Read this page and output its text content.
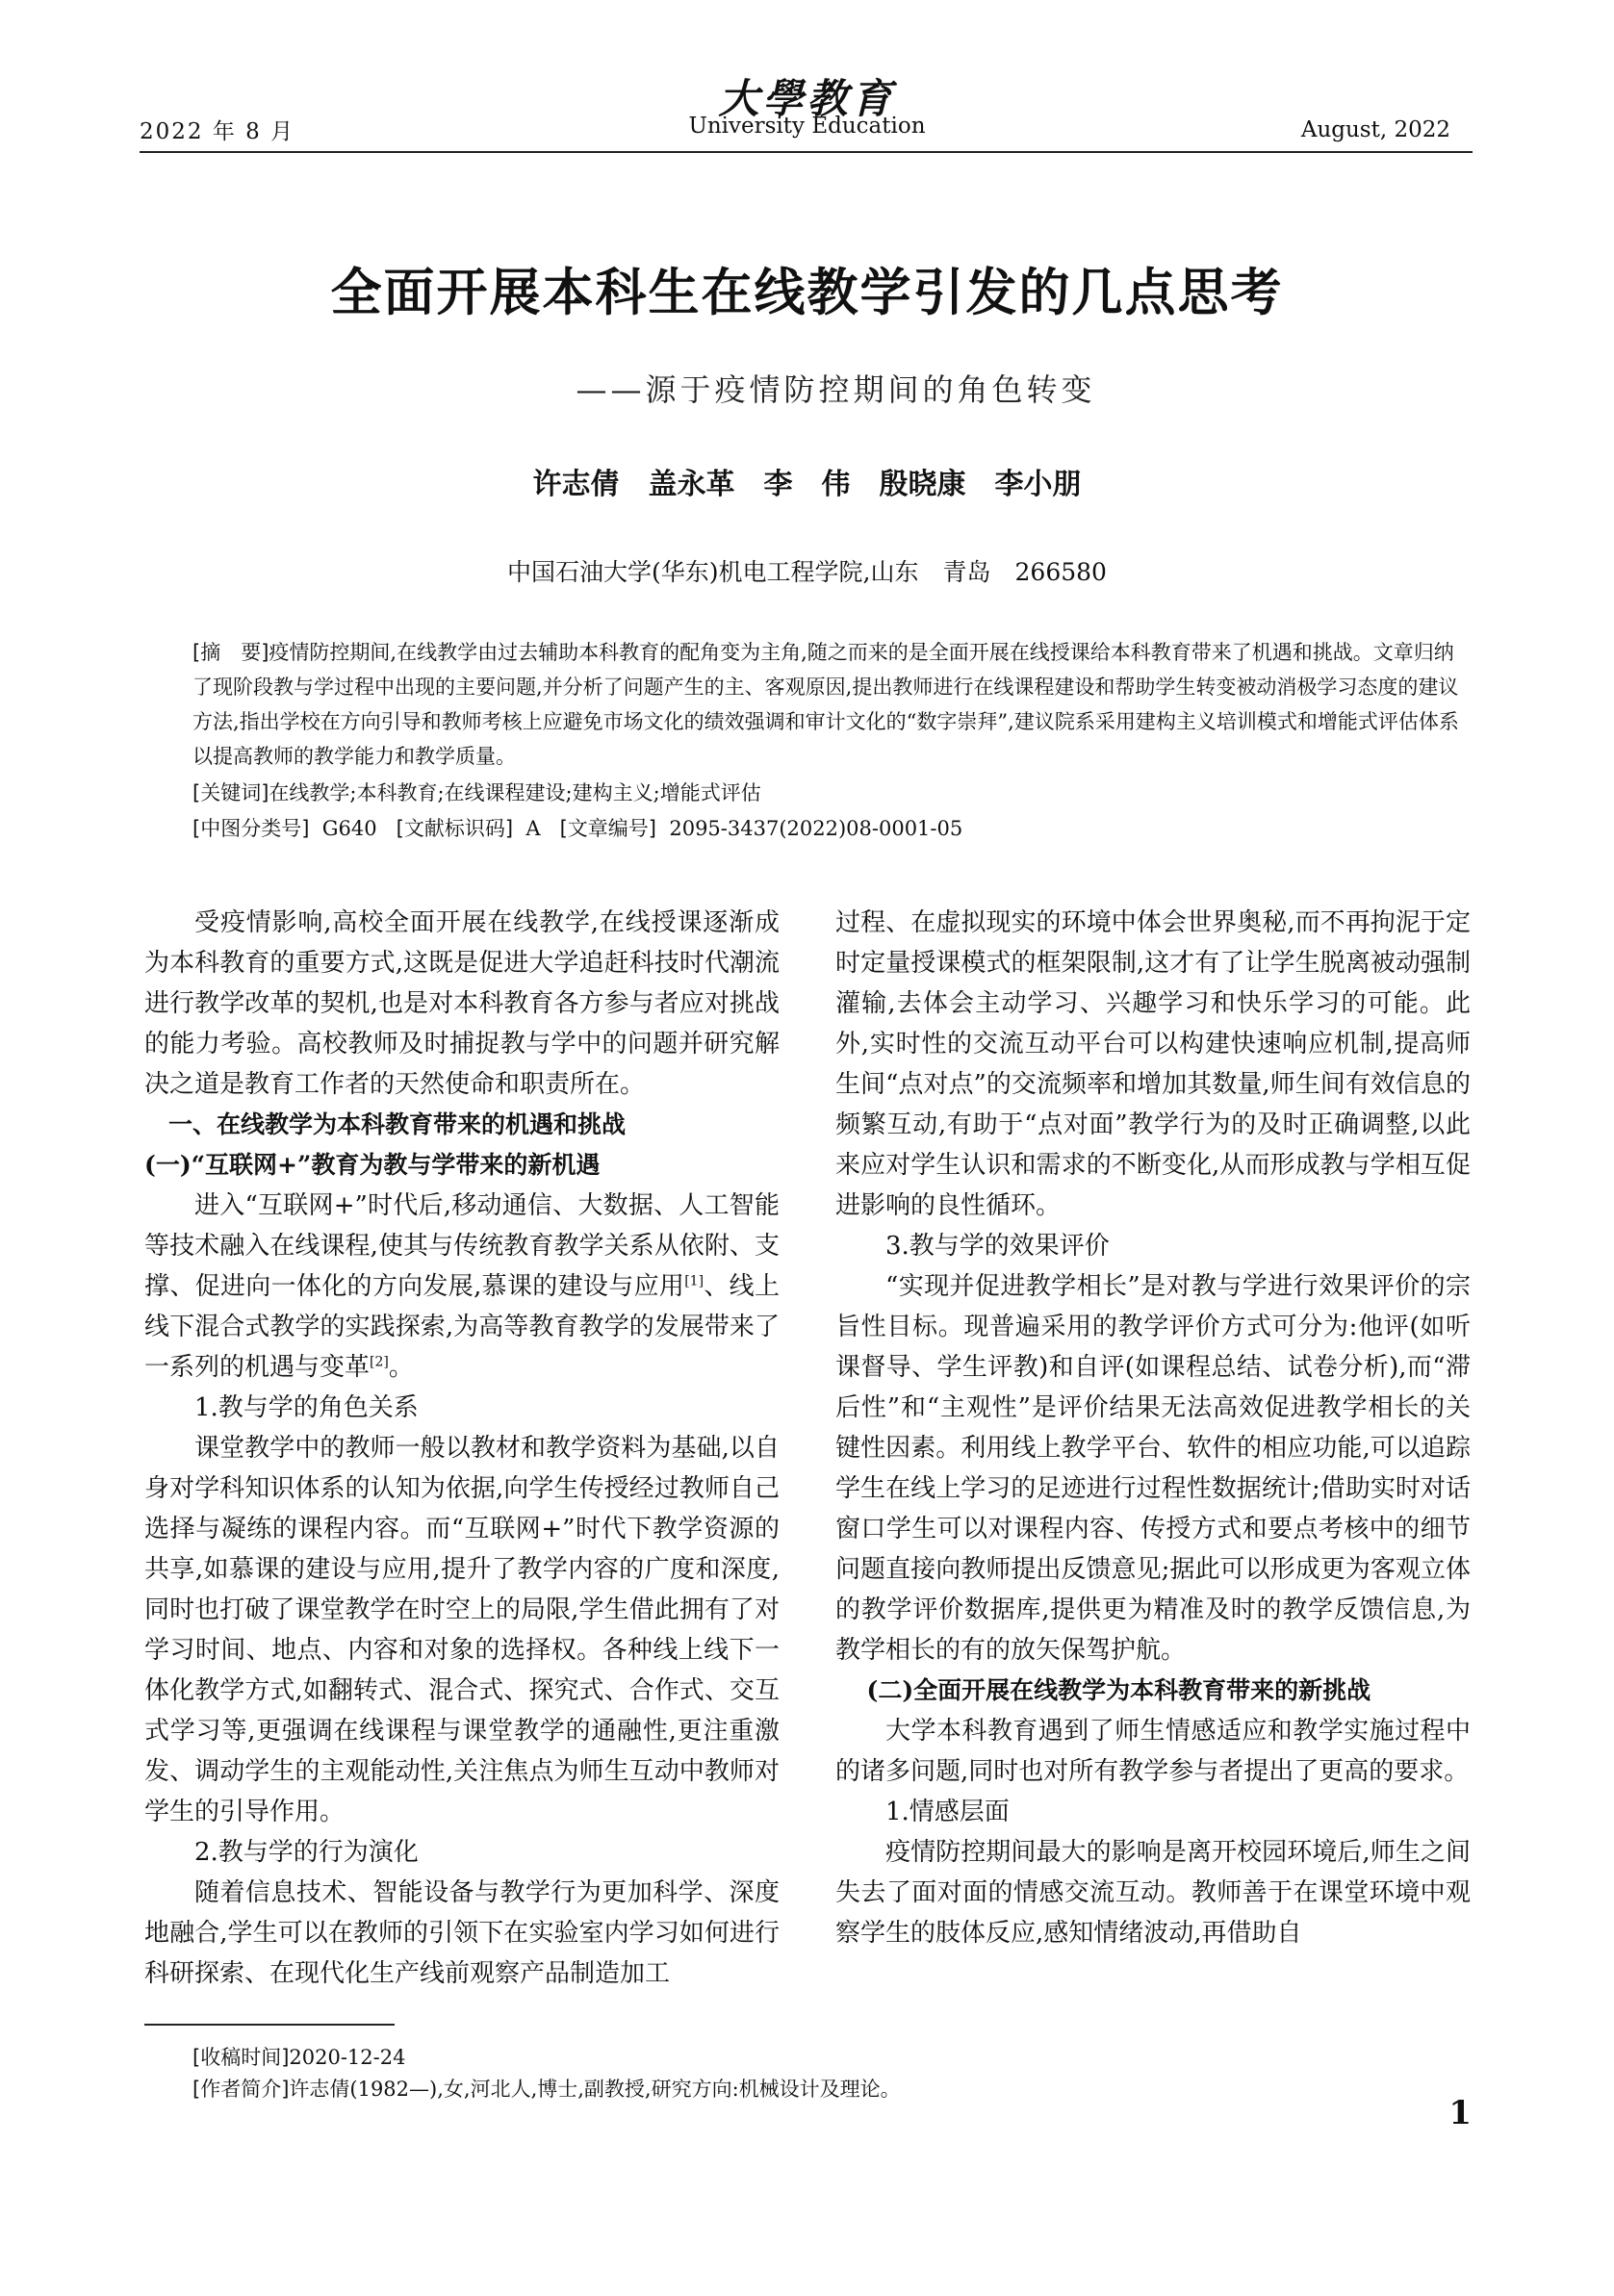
大學教育
2022 年 8 月	University Education	August, 2022
全面开展本科生在线教学引发的几点思考
——源于疫情防控期间的角色转变
许志倩　盖永革　李　伟　殷晓康　李小朋
中国石油大学(华东)机电工程学院,山东　青岛　266580
[摘　要]疫情防控期间,在线教学由过去辅助本科教育的配角变为主角,随之而来的是全面开展在线授课给本科教育带来了机遇和挑战。文章归纳了现阶段教与学过程中出现的主要问题,并分析了问题产生的主、客观原因,提出教师进行在线课程建设和帮助学生转变被动消极学习态度的建议方法,指出学校在方向引导和教师考核上应避免市场文化的绩效强调和审计文化的“数字崇拜”,建议院系采用建构主义培训模式和增能式评估体系以提高教师的教学能力和教学质量。
[关键词]在线教学;本科教育;在线课程建设;建构主义;增能式评估
[中图分类号] G640 [文献标识码] A [文章编号] 2095-3437(2022)08-0001-05

受疫情影响,高校全面开展在线教学,在线授课逐渐成为本科教育的重要方式,这既是促进大学追赶科技时代潮流进行教学改革的契机,也是对本科教育各方参与者应对挑战的能力考验。高校教师及时捕捉教与学中的问题并研究解决之道是教育工作者的天然使命和职责所在。

一、在线教学为本科教育带来的机遇和挑战

(一)“互联网+”教育为教与学带来的新机遇

进入“互联网+”时代后,移动通信、大数据、人工智能等技术融入在线课程,使其与传统教育教学关系从依附、支撑、促进向一体化的方向发展,慕课的建设与应用[1]、线上线下混合式教学的实践探索,为高等教育教学的发展带来了一系列的机遇与变革[2]。

1.教与学的角色关系

课堂教学中的教师一般以教材和教学资料为基础,以自身对学科知识体系的认知为依据,向学生传授经过教师自己选择与凝练的课程内容。而“互联网+”时代下教学资源的共享,如慕课的建设与应用,提升了教学内容的广度和深度,同时也打破了课堂教学在时空上的局限,学生借此拥有了对学习时间、地点、内容和对象的选择权。各种线上线下一体化教学方式,如翻转式、混合式、探究式、合作式、交互式学习等,更强调在线课程与课堂教学的通融性,更注重激发、调动学生的主观能动性,关注焦点为师生互动中教师对学生的引导作用。

2.教与学的行为演化

随着信息技术、智能设备与教学行为更加科学、深度地融合,学生可以在教师的引领下在实验室内学习如何进行科研探索、在现代化生产线前观察产品制造加工

过程、在虚拟现实的环境中体会世界奥秘,而不再拘泥于定时定量授课模式的框架限制,这才有了让学生脱离被动强制灌输,去体会主动学习、兴趣学习和快乐学习的可能。此外,实时性的交流互动平台可以构建快速响应机制,提高师生间“点对点”的交流频率和增加其数量,师生间有效信息的频繁互动,有助于“点对面”教学行为的及时正确调整,以此来应对学生认识和需求的不断变化,从而形成教与学相互促进影响的良性循环。

3.教与学的效果评价

“实现并促进教学相长”是对教与学进行效果评价的宗旨性目标。现普遍采用的教学评价方式可分为:他评(如听课督导、学生评教)和自评(如课程总结、试卷分析),而“滞后性”和“主观性”是评价结果无法高效促进教学相长的关键性因素。利用线上教学平台、软件的相应功能,可以追踪学生在线上学习的足迹进行过程性数据统计;借助实时对话窗口学生可以对课程内容、传授方式和要点考核中的细节问题直接向教师提出反馈意见;据此可以形成更为客观立体的教学评价数据库,提供更为精准及时的教学反馈信息,为教学相长的有的放矢保驾护航。

(二)全面开展在线教学为本科教育带来的新挑战

大学本科教育遇到了师生情感适应和教学实施过程中的诸多问题,同时也对所有教学参与者提出了更高的要求。

1.情感层面

疫情防控期间最大的影响是离开校园环境后,师生之间失去了面对面的情感交流互动。教师善于在课堂环境中观察学生的肢体反应,感知情绪波动,再借助自

[收稿时间]2020-12-24
[作者简介]许志倩(1982—),女,河北人,博士,副教授,研究方向:机械设计及理论。
1
